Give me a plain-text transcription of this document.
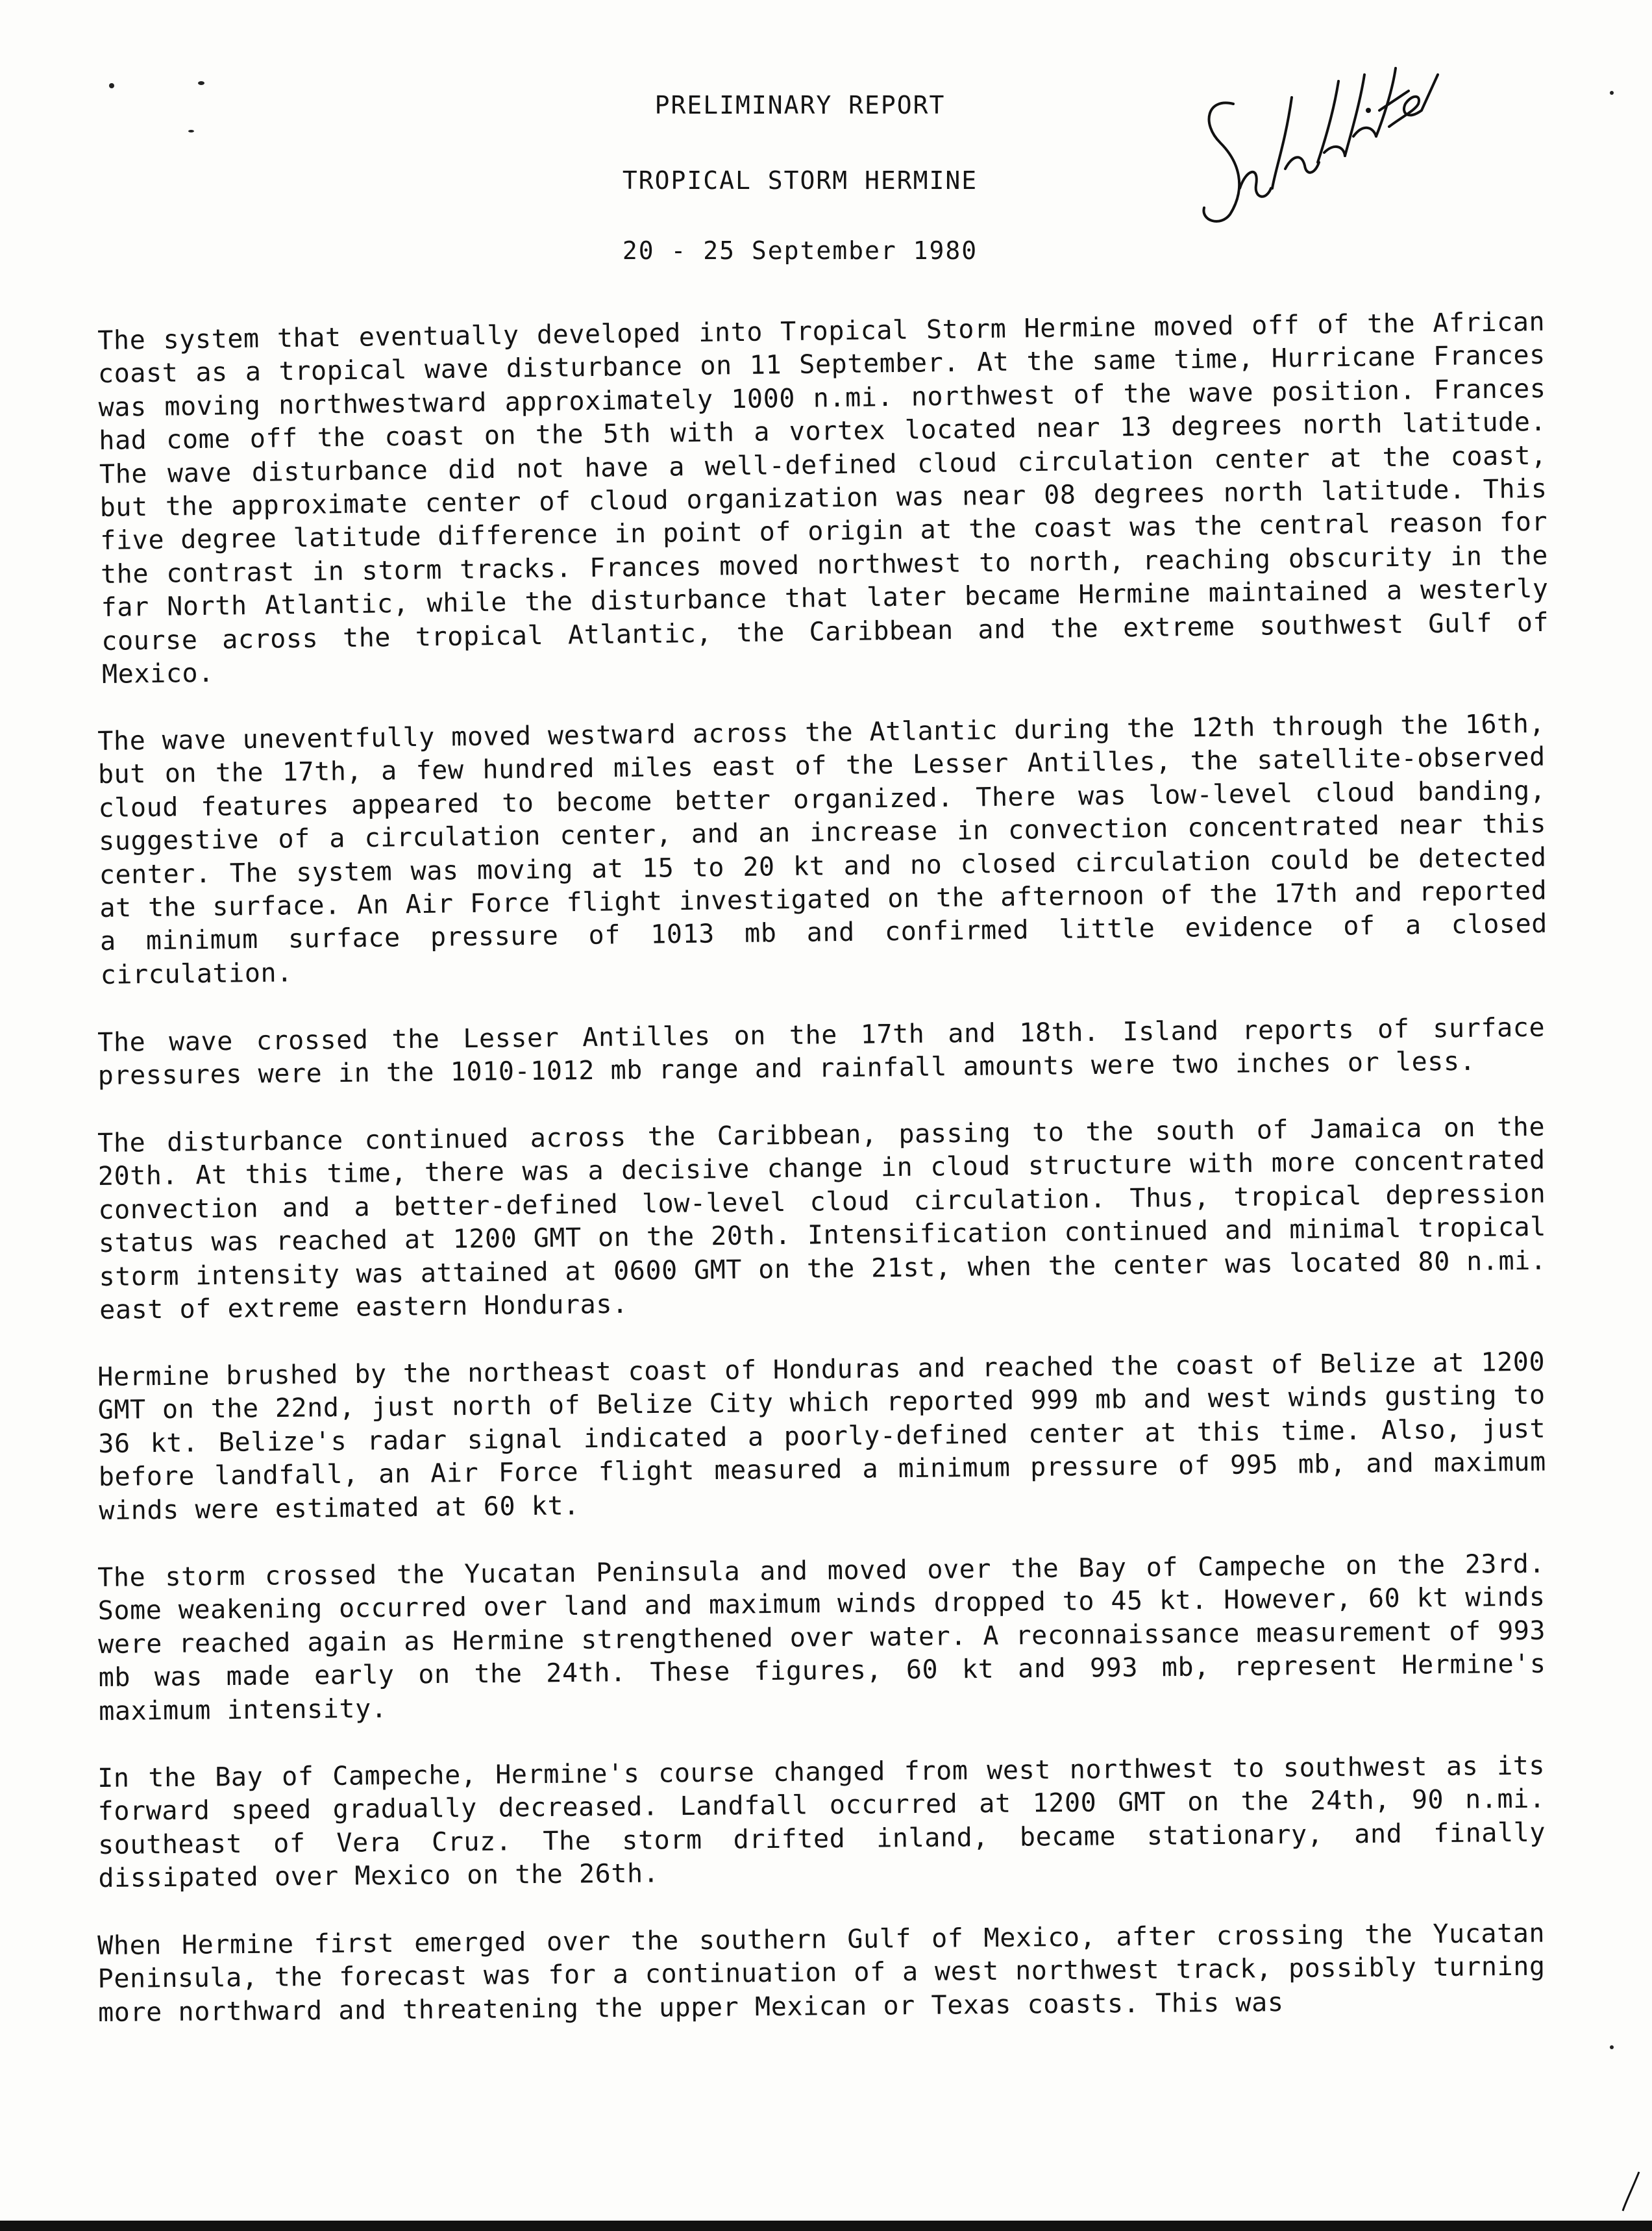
PRELIMINARY REPORT
TROPICAL STORM HERMINE
20 - 25 September 1980

The system that eventually developed into Tropical Storm Hermine moved off of the African coast as a tropical wave disturbance on 11 September. At the same time, Hurricane Frances was moving northwestward approximately 1000 n.mi. northwest of the wave position. Frances had come off the coast on the 5th with a vortex located near 13 degrees north latitude. The wave disturbance did not have a well-defined cloud circulation center at the coast, but the approximate center of cloud organization was near 08 degrees north latitude. This five degree latitude difference in point of origin at the coast was the central reason for the contrast in storm tracks. Frances moved northwest to north, reaching obscurity in the far North Atlantic, while the disturbance that later became Hermine maintained a westerly course across the tropical Atlantic, the Caribbean and the extreme southwest Gulf of Mexico.

The wave uneventfully moved westward across the Atlantic during the 12th through the 16th, but on the 17th, a few hundred miles east of the Lesser Antilles, the satellite-observed cloud features appeared to become better organized. There was low-level cloud banding, suggestive of a circulation center, and an increase in convection concentrated near this center. The system was moving at 15 to 20 kt and no closed circulation could be detected at the surface. An Air Force flight investigated on the afternoon of the 17th and reported a minimum surface pressure of 1013 mb and confirmed little evidence of a closed circulation.

The wave crossed the Lesser Antilles on the 17th and 18th. Island reports of surface pressures were in the 1010-1012 mb range and rainfall amounts were two inches or less.

The disturbance continued across the Caribbean, passing to the south of Jamaica on the 20th. At this time, there was a decisive change in cloud structure with more concentrated convection and a better-defined low-level cloud circulation. Thus, tropical depression status was reached at 1200 GMT on the 20th. Intensification continued and minimal tropical storm intensity was attained at 0600 GMT on the 21st, when the center was located 80 n.mi. east of extreme eastern Honduras.

Hermine brushed by the northeast coast of Honduras and reached the coast of Belize at 1200 GMT on the 22nd, just north of Belize City which reported 999 mb and west winds gusting to 36 kt. Belize's radar signal indicated a poorly-defined center at this time. Also, just before landfall, an Air Force flight measured a minimum pressure of 995 mb, and maximum winds were estimated at 60 kt.

The storm crossed the Yucatan Peninsula and moved over the Bay of Campeche on the 23rd. Some weakening occurred over land and maximum winds dropped to 45 kt. However, 60 kt winds were reached again as Hermine strengthened over water. A reconnaissance measurement of 993 mb was made early on the 24th. These figures, 60 kt and 993 mb, represent Hermine's maximum intensity.

In the Bay of Campeche, Hermine's course changed from west northwest to southwest as its forward speed gradually decreased. Landfall occurred at 1200 GMT on the 24th, 90 n.mi. southeast of Vera Cruz. The storm drifted inland, became stationary, and finally dissipated over Mexico on the 26th.

When Hermine first emerged over the southern Gulf of Mexico, after crossing the Yucatan Peninsula, the forecast was for a continuation of a west northwest track, possibly turning more northward and threatening the upper Mexican or Texas coasts. This was
